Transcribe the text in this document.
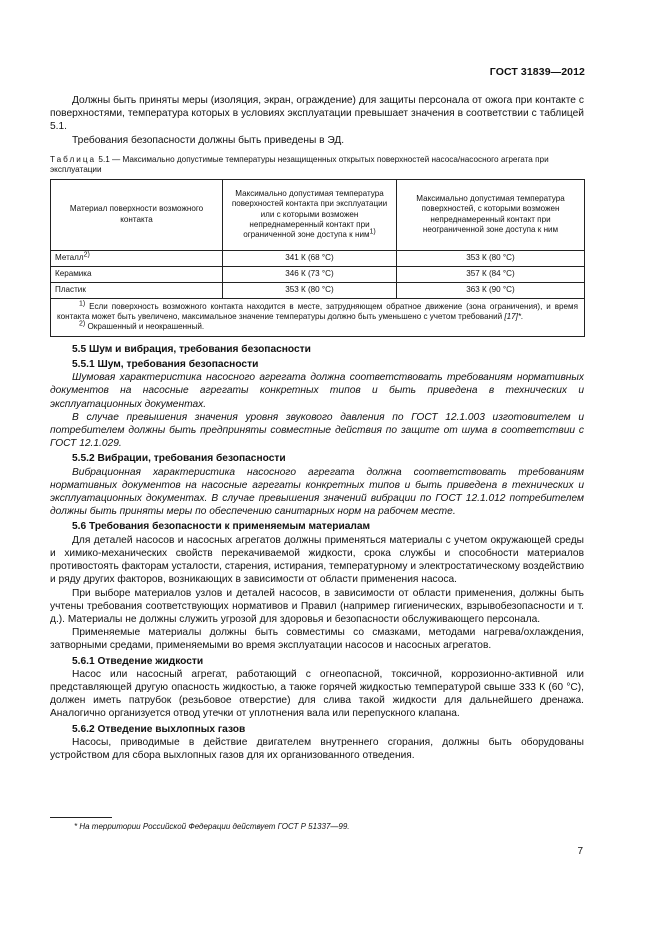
ГОСТ 31839—2012

Должны быть приняты меры (изоляция, экран, ограждение) для защиты персонала от ожога при контакте с поверхностями, температура которых в условиях эксплуатации превышает значения в соответствии с таблицей 5.1.

Требования безопасности должны быть приведены в ЭД.

Таблица 5.1 — Максимально допустимые температуры незащищенных открытых поверхностей насоса/насосного агрегата при эксплуатации

Материал поверхности возможного контакта	Максимально допустимая температура поверхностей контакта при эксплуатации или с которыми возможен непреднамеренный контакт при ограниченной зоне доступа к ним1)	Максимально допустимая температура поверхностей, с которыми возможен непреднамеренный контакт при неограниченной зоне доступа к ним
Металл2)	341 К (68 °С)	353 К (80 °С)
Керамика	346 К (73 °С)	357 К (84 °С)
Пластик	353 К (80 °С)	363 К (90 °С)

1) Если поверхность возможного контакта находится в месте, затрудняющем обратное движение (зона ограничения), и время контакта может быть увеличено, максимальное значение температуры должно быть уменьшено с учетом требований [17]*.
2) Окрашенный и неокрашенный.		

5.5 Шум и вибрация, требования безопасности

5.5.1 Шум, требования безопасности

Шумовая характеристика насосного агрегата должна соответствовать требованиям нормативных документов на насосные агрегаты конкретных типов и быть приведена в технических и эксплуатационных документах.

В случае превышения значения уровня звукового давления по ГОСТ 12.1.003 изготовителем и потребителем должны быть предприняты совместные действия по защите от шума в соответствии с ГОСТ 12.1.029.

5.5.2 Вибрации, требования безопасности

Вибрационная характеристика насосного агрегата должна соответствовать требованиям нормативных документов на насосные агрегаты конкретных типов и быть приведена в технических и эксплуатационных документах. В случае превышения значений вибрации по ГОСТ 12.1.012 потребителем должны быть приняты меры по обеспечению санитарных норм на рабочем месте.

5.6 Требования безопасности к применяемым материалам

Для деталей насосов и насосных агрегатов должны применяться материалы с учетом окружающей среды и химико-механических свойств перекачиваемой жидкости, срока службы и способности материалов противостоять факторам усталости, старения, истирания, температурному и электростатическому воздействию и ряду других факторов, возникающих в зависимости от области применения насоса.

При выборе материалов узлов и деталей насосов, в зависимости от области применения, должны быть учтены требования соответствующих нормативов и Правил (например гигиенических, взрывобезопасности и т. д.). Материалы не должны служить угрозой для здоровья и безопасности обслуживающего персонала.

Применяемые материалы должны быть совместимы со смазками, методами нагрева/охлаждения, затворными средами, применяемыми во время эксплуатации насосов и насосных агрегатов.

5.6.1 Отведение жидкости

Насос или насосный агрегат, работающий с огнеопасной, токсичной, коррозионно-активной или представляющей другую опасность жидкостью, а также горячей жидкостью температурой свыше 333 К (60 °С), должен иметь патрубок (резьбовое отверстие) для слива такой жидкости для дальнейшего дренажа. Аналогично организуется отвод утечки от уплотнения вала или перепускного клапана.

5.6.2 Отведение выхлопных газов

Насосы, приводимые в действие двигателем внутреннего сгорания, должны быть оборудованы устройством для сбора выхлопных газов для их организованного отведения.

* На территории Российской Федерации действует ГОСТ Р 51337—99.
7
